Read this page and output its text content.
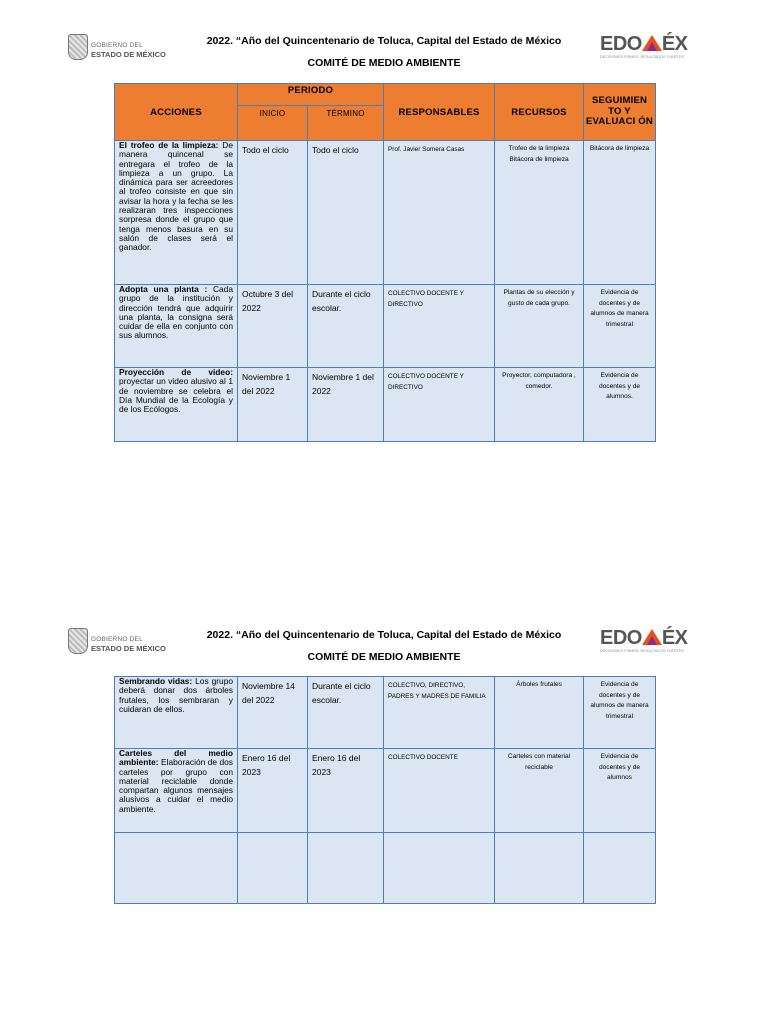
GOBIERNO DEL
ESTADO DE MÉXICO
2022. “Año del Quincentenario de Toluca, Capital del Estado de México
COMITÉ DE MEDIO AMBIENTE
EDO ÉX
DECISIONES FIRMES, RESULTADOS FUERTES
ACCIONES	PERIODO		RESPONSABLES	RECURSOS	SEGUIMIEN TO Y EVALUACI ÓN
	INICIO	TÉRMINO			
El trofeo de la limpieza: De manera quincenal se entregara el trofeo de la limpieza a un grupo. La dinámica para ser acreedores al trofeo consiste en que sin avisar la hora y la fecha se les realizaran tres inspecciones sorpresa donde el grupo que tenga menos basura en su salón de clases será el ganador.	Todo el ciclo	Todo el ciclo	Prof. Javier Somera Casas	Trofeo de la limpieza Bitácora de limpieza	Bitácora de limpieza
Adopta una planta : Cada grupo de la institución y dirección tendrá que adquirir una planta, la consigna será cuidar de ella en conjunto con sus alumnos.	Octubre 3 del 2022	Durante el ciclo escolar.	COLECTIVO DOCENTE Y DIRECTIVO	Plantas de su elección y gusto de cada grupo.	Evidencia de docentes y de alumnos de manera trimestral
Proyección de video: proyectar un video alusivo al 1 de noviembre se celebra el Día Mundial de la Ecología y de los Ecólogos.	Noviembre 1 del 2022	Noviembre 1 del 2022	COLECTIVO DOCENTE Y DIRECTIVO	Proyector, computadora , comedor.	Evidencia de docentes y de alumnos.
GOBIERNO DEL
ESTADO DE MÉXICO
2022. “Año del Quincentenario de Toluca, Capital del Estado de México
COMITÉ DE MEDIO AMBIENTE
EDO ÉX
DECISIONES FIRMES, RESULTADOS FUERTES
Sembrando vidas: Los grupo deberá donar dos árboles frutales, los sembraran y cuidaran de ellos.	Noviembre 14 del 2022	Durante el ciclo escolar.	COLECTIVO, DIRECTIVO, PADRES Y MADRES DE FAMILIA	Árboles frutales	Evidencia de docentes y de alumnos de manera trimestral
Carteles del medio ambiente: Elaboración de dos carteles por grupo con material reciclable donde compartan algunos mensajes alusivos a cuidar el medio ambiente.	Enero 16 del 2023	Enero 16 del 2023	COLECTIVO DOCENTE	Carteles con material reciclable	Evidencia de docentes y de alumnos
